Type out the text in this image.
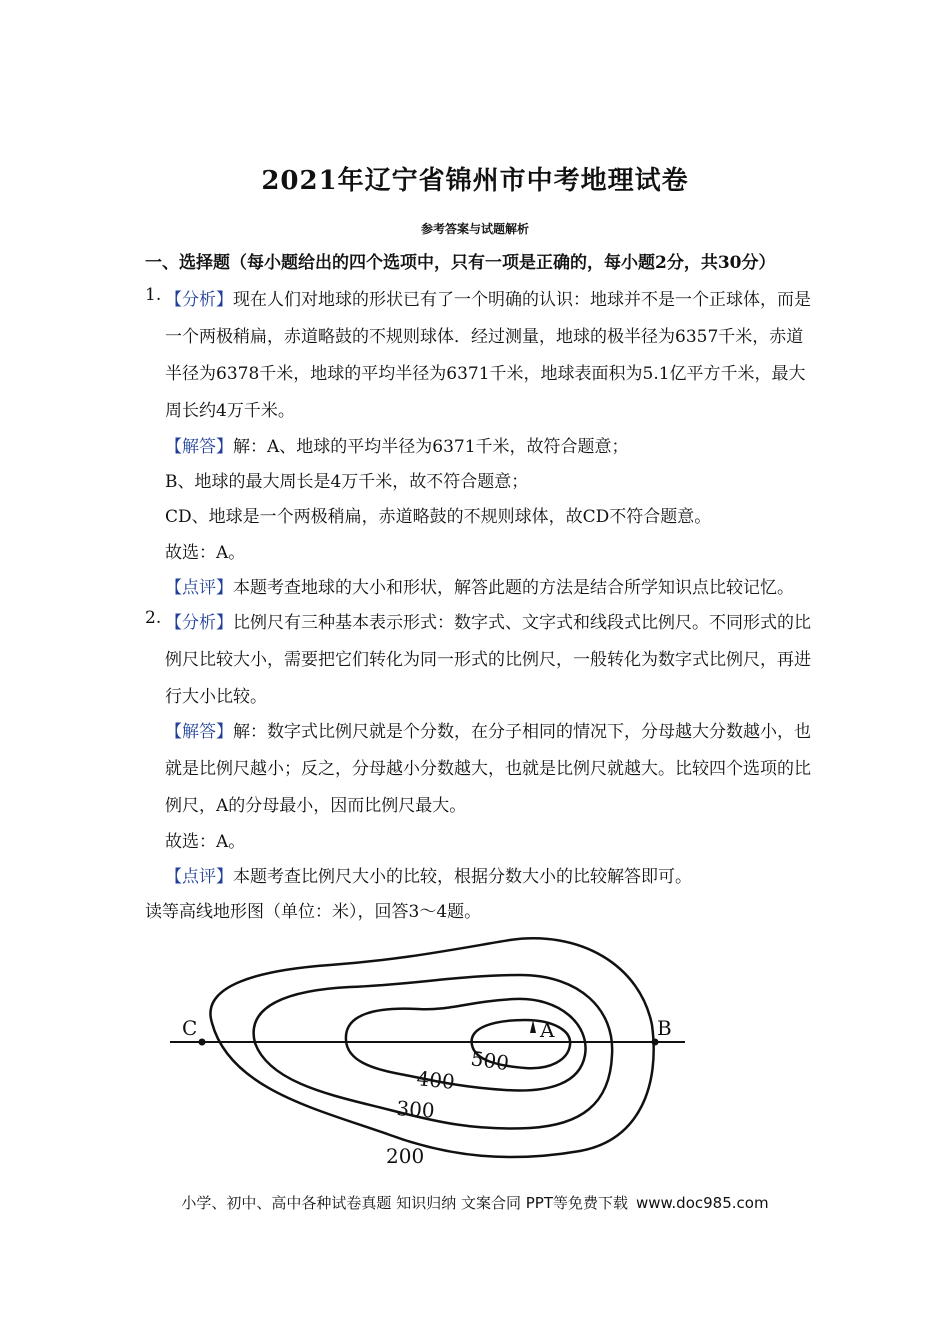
2021年辽宁省锦州市中考地理试卷
参考答案与试题解析
一、选择题（每小题给出的四个选项中，只有一项是正确的，每小题2分，共30分）
1. 【分析】现在人们对地球的形状已有了一个明确的认识：地球并不是一个正球体，而是
一个两极稍扁，赤道略鼓的不规则球体．经过测量，地球的极半径为6357千米，赤道
半径为6378千米，地球的平均半径为6371千米，地球表面积为5.1亿平方千米，最大
周长约4万千米。
【解答】解：A、地球的平均半径为6371千米，故符合题意；
B、地球的最大周长是4万千米，故不符合题意；
CD、地球是一个两极稍扁，赤道略鼓的不规则球体，故CD不符合题意。
故选：A。
【点评】本题考查地球的大小和形状，解答此题的方法是结合所学知识点比较记忆。
2. 【分析】比例尺有三种基本表示形式：数字式、文字式和线段式比例尺。不同形式的比
例尺比较大小，需要把它们转化为同一形式的比例尺，一般转化为数字式比例尺，再进
行大小比较。
【解答】解：数字式比例尺就是个分数，在分子相同的情况下，分母越大分数越小，也
就是比例尺越小；反之，分母越小分数越大，也就是比例尺就越大。比较四个选项的比
例尺，A的分母最小，因而比例尺最大。
故选：A。
【点评】本题考查比例尺大小的比较，根据分数大小的比较解答即可。
读等高线地形图（单位：米），回答3～4题。
C	B
A
500
400
300
200
小学、初中、高中各种试卷真题 知识归纳 文案合同 PPT等免费下载 www.doc985.com
